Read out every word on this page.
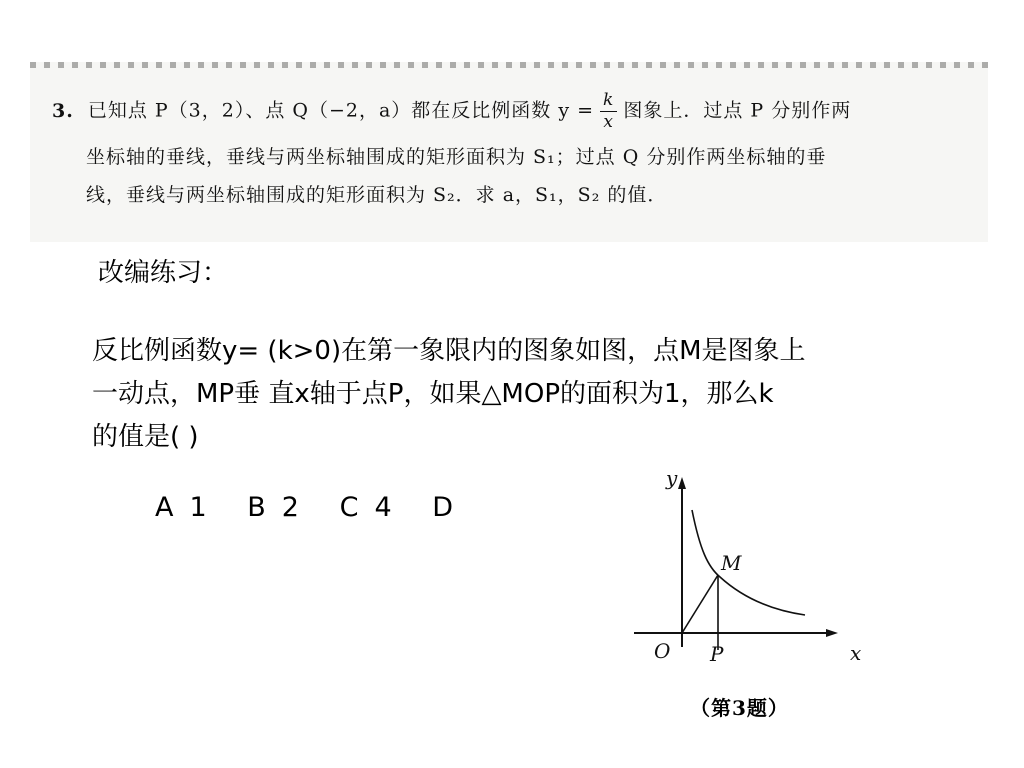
3. 已知点 P（3，2）、点 Q（−2，a）都在反比例函数 $y = \frac{k}{x}$ 图象上．过点 P 分别作两
坐标轴的垂线，垂线与两坐标轴围成的矩形面积为 S₁；过点 Q 分别作两坐标轴的垂
线，垂线与两坐标轴围成的矩形面积为 S₂．求 a，S₁，S₂ 的值．
改编练习：
反比例函数y= (k>0)在第一象限内的图象如图，点M是图象上
一动点，MP垂 直x轴于点P，如果△MOP的面积为1，那么k
的值是( )
A 1 B 2 C 4 D
y
x
O
M
P
（第3题）
